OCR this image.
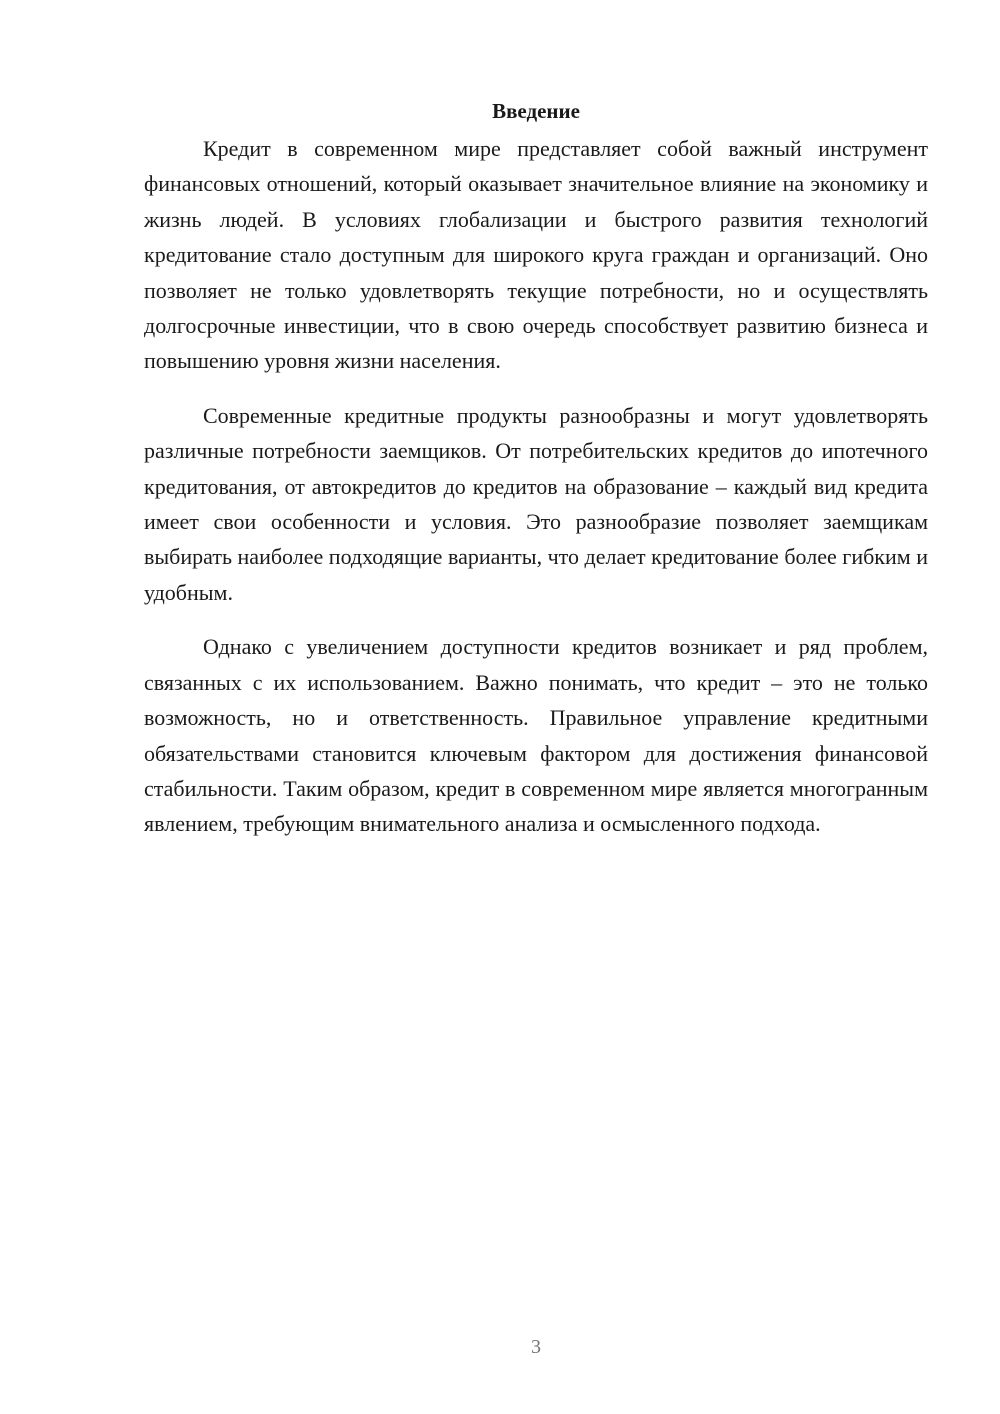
Введение

Кредит в современном мире представляет собой важный инструмент финансовых отношений, который оказывает значительное влияние на экономику и жизнь людей. В условиях глобализации и быстрого развития технологий кредитование стало доступным для широкого круга граждан и организаций. Оно позволяет не только удовлетворять текущие потребности, но и осуществлять долгосрочные инвестиции, что в свою очередь способствует развитию бизнеса и повышению уровня жизни населения.

Современные кредитные продукты разнообразны и могут удовлетворять различные потребности заемщиков. От потребительских кредитов до ипотечного кредитования, от автокредитов до кредитов на образование – каждый вид кредита имеет свои особенности и условия. Это разнообразие позволяет заемщикам выбирать наиболее подходящие варианты, что делает кредитование более гибким и удобным.

Однако с увеличением доступности кредитов возникает и ряд проблем, связанных с их использованием. Важно понимать, что кредит – это не только возможность, но и ответственность. Правильное управление кредитными обязательствами становится ключевым фактором для достижения финансовой стабильности. Таким образом, кредит в современном мире является многогранным явлением, требующим внимательного анализа и осмысленного подхода.

3
